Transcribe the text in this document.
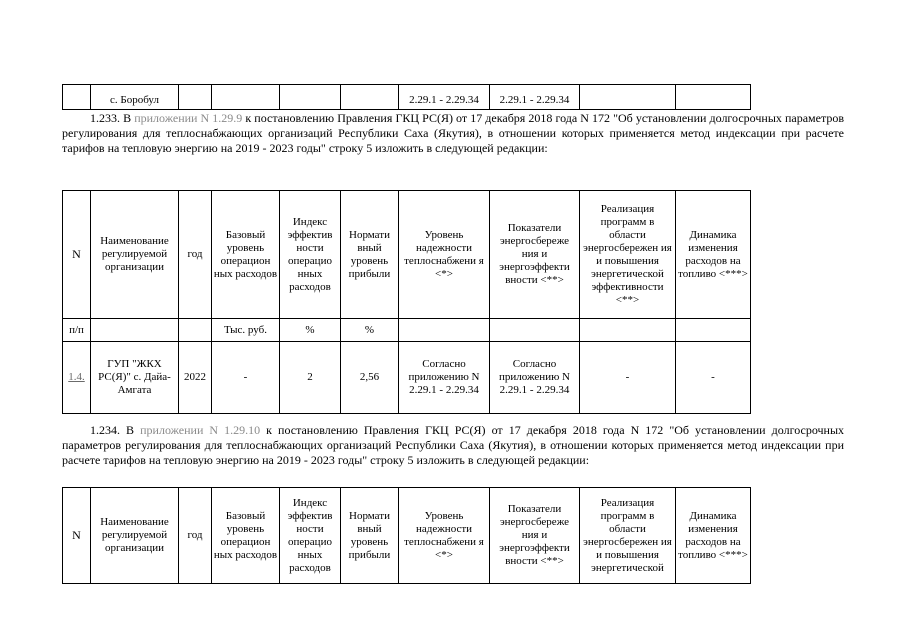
	с. Боробул					2.29.1 - 2.29.34	2.29.1 - 2.29.34		

1.233. В приложении N 1.29.9 к постановлению Правления ГКЦ РС(Я) от 17 декабря 2018 года N 172 "Об установлении долгосрочных параметров регулирования для теплоснабжающих организаций Республики Саха (Якутия), в отношении которых применяется метод индексации при расчете тарифов на тепловую энергию на 2019 - 2023 годы" строку 5 изложить в следующей редакции:

N	Наименование регулируемой организации	год	Базовый уровень операцион ных расходов	Индекс эффектив ности операцио нных расходов	Нормати вный уровень прибыли	Уровень надежности теплоснабжени я <*>	Показатели энергосбереже ния и энергоэффекти вности <**>	Реализация программ в области энергосбережен ия и повышения энергетической эффективности <**>	Динамика изменения расходов на топливо <***>
п/п			Тыс. руб.	%	%				
1.4.	ГУП "ЖКХ РС(Я)" с. Дайа-Амгата	2022	-	2	2,56	Согласно приложению N 2.29.1 - 2.29.34	Согласно приложению N 2.29.1 - 2.29.34	-	-

1.234. В приложении N 1.29.10 к постановлению Правления ГКЦ РС(Я) от 17 декабря 2018 года N 172 "Об установлении долгосрочных параметров регулирования для теплоснабжающих организаций Республики Саха (Якутия), в отношении которых применяется метод индексации при расчете тарифов на тепловую энергию на 2019 - 2023 годы" строку 5 изложить в следующей редакции:

N	Наименование регулируемой организации	год	Базовый уровень операцион ных расходов	Индекс эффектив ности операцио нных расходов	Нормати вный уровень прибыли	Уровень надежности теплоснабжени я <*>	Показатели энергосбереже ния и энергоэффекти вности <**>	Реализация программ в области энергосбережен ия и повышения энергетической	Динамика изменения расходов на топливо <***>
